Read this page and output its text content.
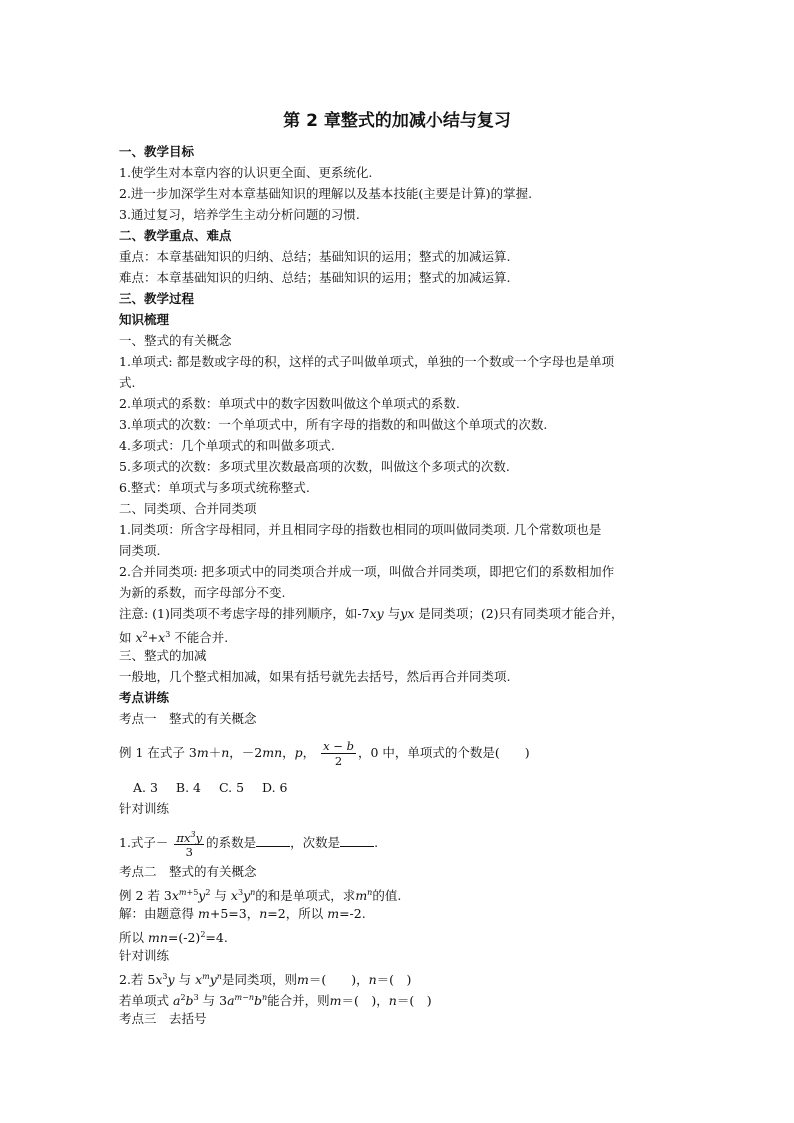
第 2 章整式的加减小结与复习
一、教学目标
1.使学生对本章内容的认识更全面、更系统化.
2.进一步加深学生对本章基础知识的理解以及基本技能(主要是计算)的掌握.
3.通过复习，培养学生主动分析问题的习惯.
二、教学重点、难点
重点：本章基础知识的归纳、总结；基础知识的运用；整式的加减运算.
难点：本章基础知识的归纳、总结；基础知识的运用；整式的加减运算.
三、教学过程
知识梳理
一、整式的有关概念
1.单项式: 都是数或字母的积，这样的式子叫做单项式，单独的一个数或一个字母也是单项
式.
2.单项式的系数：单项式中的数字因数叫做这个单项式的系数.
3.单项式的次数：一个单项式中，所有字母的指数的和叫做这个单项式的次数.
4.多项式：几个单项式的和叫做多项式.
5.多项式的次数：多项式里次数最高项的次数，叫做这个多项式的次数.
6.整式：单项式与多项式统称整式.
二、同类项、合并同类项
1.同类项：所含字母相同，并且相同字母的指数也相同的项叫做同类项. 几个常数项也是
同类项.
2.合并同类项: 把多项式中的同类项合并成一项，叫做合并同类项，即把它们的系数相加作
为新的系数，而字母部分不变.
注意: (1)同类项不考虑字母的排列顺序，如-7xy 与yx 是同类项；(2)只有同类项才能合并，
如 $x^2+x^3$ 不能合并.
三、整式的加减
一般地，几个整式相加减，如果有括号就先去括号，然后再合并同类项.
考点讲练
考点一　整式的有关概念
例 1 在式子 3m＋n，－2mn，p， $\frac{x - b}{2}$ ，0 中，单项式的个数是(　　)
A. 3 B. 4 C. 5 D. 6
针对训练
1.式子－ $\frac{\pi x^3y}{3}$ 的系数是	，次数是	.
考点二　整式的有关概念
例 2 若 $3x^{m+5}y^2$ 与 $x^3y^n$的和是单项式，求$m^n$的值.
解：由题意得 m+5=3，n=2，所以 m=-2.
所以 $mn=(-2)^2=4$.
针对训练
2.若 $5x^3y$ 与 $x^my^n$是同类项，则m＝(　　)，n＝(　)
若单项式 $a^2b^3$ 与 $3a^{m-n}b^n$能合并，则m＝(　)，n＝(　)
考点三　去括号
